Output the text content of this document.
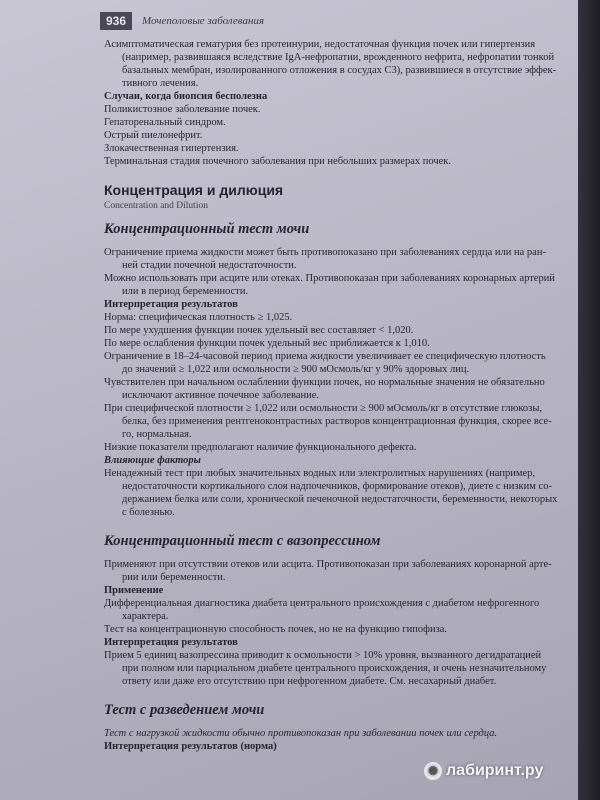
936	Мочеполовые заболевания

Асимптоматическая гематурия без протеинурии, недостаточная функция почек или гипертензия

(например, развившаяся вследствие IgA-нефропатии, врожденного нефрита, нефропатии тонкой

базальных мембран, изолированного отложения в сосудах С3), развившиеся в отсутствие эффек-

тивного лечения.

Случаи, когда биопсия бесполезна

Поликистозное заболевание почек.

Гепаторенальный синдром.

Острый пиелонефрит.

Злокачественная гипертензия.

Терминальная стадия почечного заболевания при небольших размерах почек.

Концентрация и дилюция

Concentration and Dilution

Концентрационный тест мочи

Ограничение приема жидкости может быть противопоказано при заболеваниях сердца или на ран-

ней стадии почечной недостаточности.

Можно использовать при асците или отеках. Противопоказан при заболеваниях коронарных артерий

или в период беременности.

Интерпретация результатов

Норма: специфическая плотность ≥ 1,025.

По мере ухудшения функции почек удельный вес составляет < 1,020.

По мере ослабления функции почек удельный вес приближается к 1,010.

Ограничение в 18–24-часовой период приема жидкости увеличивает ее специфическую плотность

до значений ≥ 1,022 или осмольности ≥ 900 мОсмоль/кг у 90% здоровых лиц.

Чувствителен при начальном ослаблении функции почек, но нормальные значения не обязательно

исключают активное почечное заболевание.

При специфической плотности ≥ 1,022 или осмольности ≥ 900 мОсмоль/кг в отсутствие глюкозы,

белка, без применения рентгеноконтрастных растворов концентрационная функция, скорее все-

го, нормальная.

Низкие показатели предполагают наличие функционального дефекта.

Влияющие факторы

Ненадежный тест при любых значительных водных или электролитных нарушениях (например,

недостаточности кортикального слоя надпочечников, формирование отеков), диете с низким со-

держанием белка или соли, хронической печеночной недостаточности, беременности, некоторых

с болезнью.

Концентрационный тест с вазопрессином

Применяют при отсутствии отеков или асцита. Противопоказан при заболеваниях коронарной арте-

рии или беременности.

Применение

Дифференциальная диагностика диабета центрального происхождения с диабетом нефрогенного

характера.

Тест на концентрационную способность почек, но не на функцию гипофиза.

Интерпретация результатов

Прием 5 единиц вазопрессина приводит к осмольности > 10% уровня, вызванного дегидратацией

при полном или парциальном диабете центрального происхождения, и очень незначительному

ответу или даже его отсутствию при нефрогенном диабете. См. несахарный диабет.

Тест с разведением мочи

Тест с нагрузкой жидкости обычно противопоказан при заболевании почек или сердца.

Интерпретация результатов (норма)

✺ лабиринт.ру
